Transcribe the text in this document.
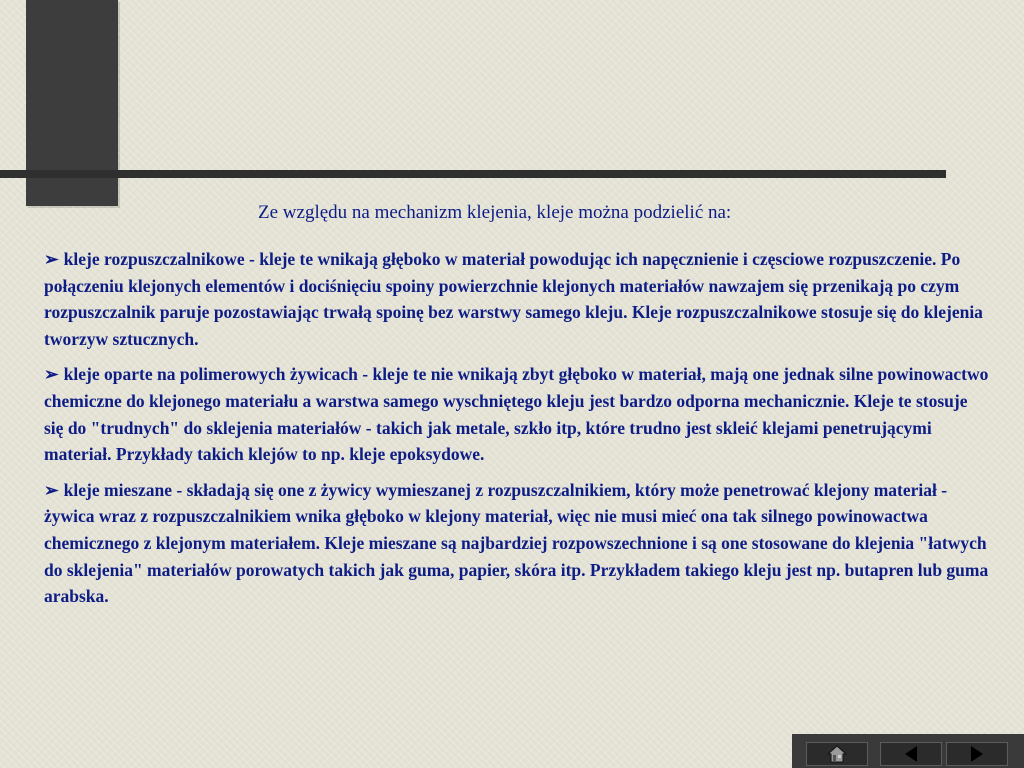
Ze względu na mechanizm klejenia, kleje można podzielić na:

➢ kleje rozpuszczalnikowe - kleje te wnikają głęboko w materiał powodując ich napęcznienie i częsciowe rozpuszczenie. Po połączeniu klejonych elementów i dociśnięciu spoiny powierzchnie klejonych materiałów nawzajem się przenikają po czym rozpuszczalnik paruje pozostawiając trwałą spoinę bez warstwy samego kleju. Kleje rozpuszczalnikowe stosuje się do klejenia tworzyw sztucznych.

➢ kleje oparte na polimerowych żywicach - kleje te nie wnikają zbyt głęboko w materiał, mają one jednak silne powinowactwo chemiczne do klejonego materiału a warstwa samego wyschniętego kleju jest bardzo odporna mechanicznie. Kleje te stosuje się do "trudnych" do sklejenia materiałów - takich jak metale, szkło itp, które trudno jest skleić klejami penetrującymi materiał. Przykłady takich klejów to np. kleje epoksydowe.

➢ kleje mieszane - składają się one z żywicy wymieszanej z rozpuszczalnikiem, który może penetrować klejony materiał - żywica wraz z rozpuszczalnikiem wnika głęboko w klejony materiał, więc nie musi mieć ona tak silnego powinowactwa chemicznego z klejonym materiałem. Kleje mieszane są najbardziej rozpowszechnione i są one stosowane do klejenia "łatwych do sklejenia" materiałów porowatych takich jak guma, papier, skóra itp. Przykładem takiego kleju jest np. butapren lub guma arabska.
